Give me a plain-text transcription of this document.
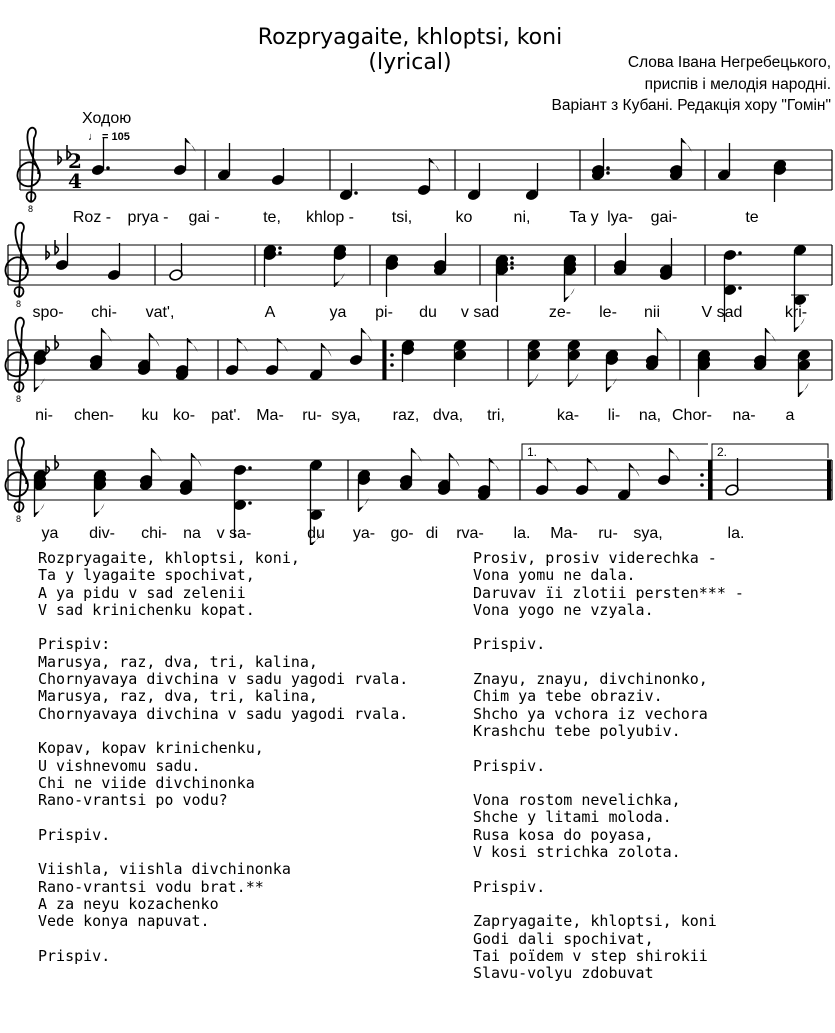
Rozpryagaite, khloptsi, koni
(lyrical)	Слова Івана Негребецького,
приспів і мелодія народні.
Варіант з Кубані. Редакція хору "Гомін"
Ходою
♩ = 105
8
8
8
8
2
4
1.	2.
Roz - prya - gai -	te, khlop - tsi,	ko	ni, Ta y lya- gai-	te
spo- chi- vat',	A	ya pi- du v sad	ze- le- nii	V sad	kri-
ni- chen- ku ko- pat'. Ma- ru- sya, raz, dva, tri,	ka- li- na, Chor- na- a
ya div- chi- na v sa-	du ya- go- di rva- la. Ma- ru- sya,	la.
Rozpryagaite, khloptsi, koni,
Ta y lyagaite spochivat,
A ya pidu v sad zelenii
V sad krinichenku kopat.
Prispiv:
Marusya, raz, dva, tri, kalina,
Chornyavaya divchina v sadu yagodi rvala.
Marusya, raz, dva, tri, kalina,
Chornyavaya divchina v sadu yagodi rvala.
Kopav, kopav krinichenku,
U vishnevomu sadu.
Chi ne viide divchinonka
Rano-vrantsi po vodu?
Prispiv.
Viishla, viishla divchinonka
Rano-vrantsi vodu brat.**
A za neyu kozachenko
Vede konya napuvat.
Prispiv.
Prosiv, prosiv viderechka -
Vona yomu ne dala.
Daruvav ïi zlotii persten*** -
Vona yogo ne vzyala.
Prispiv.
Znayu, znayu, divchinonko,
Chim ya tebe obraziv.
Shcho ya vchora iz vechora
Krashchu tebe polyubiv.
Prispiv.
Vona rostom nevelichka,
Shche y litami moloda.
Rusa kosa do poyasa,
V kosi strichka zolota.
Prispiv.
Zapryagaite, khloptsi, koni
Godi dali spochivat,
Tai poïdem v step shirokii
Slavu-volyu zdobuvat
